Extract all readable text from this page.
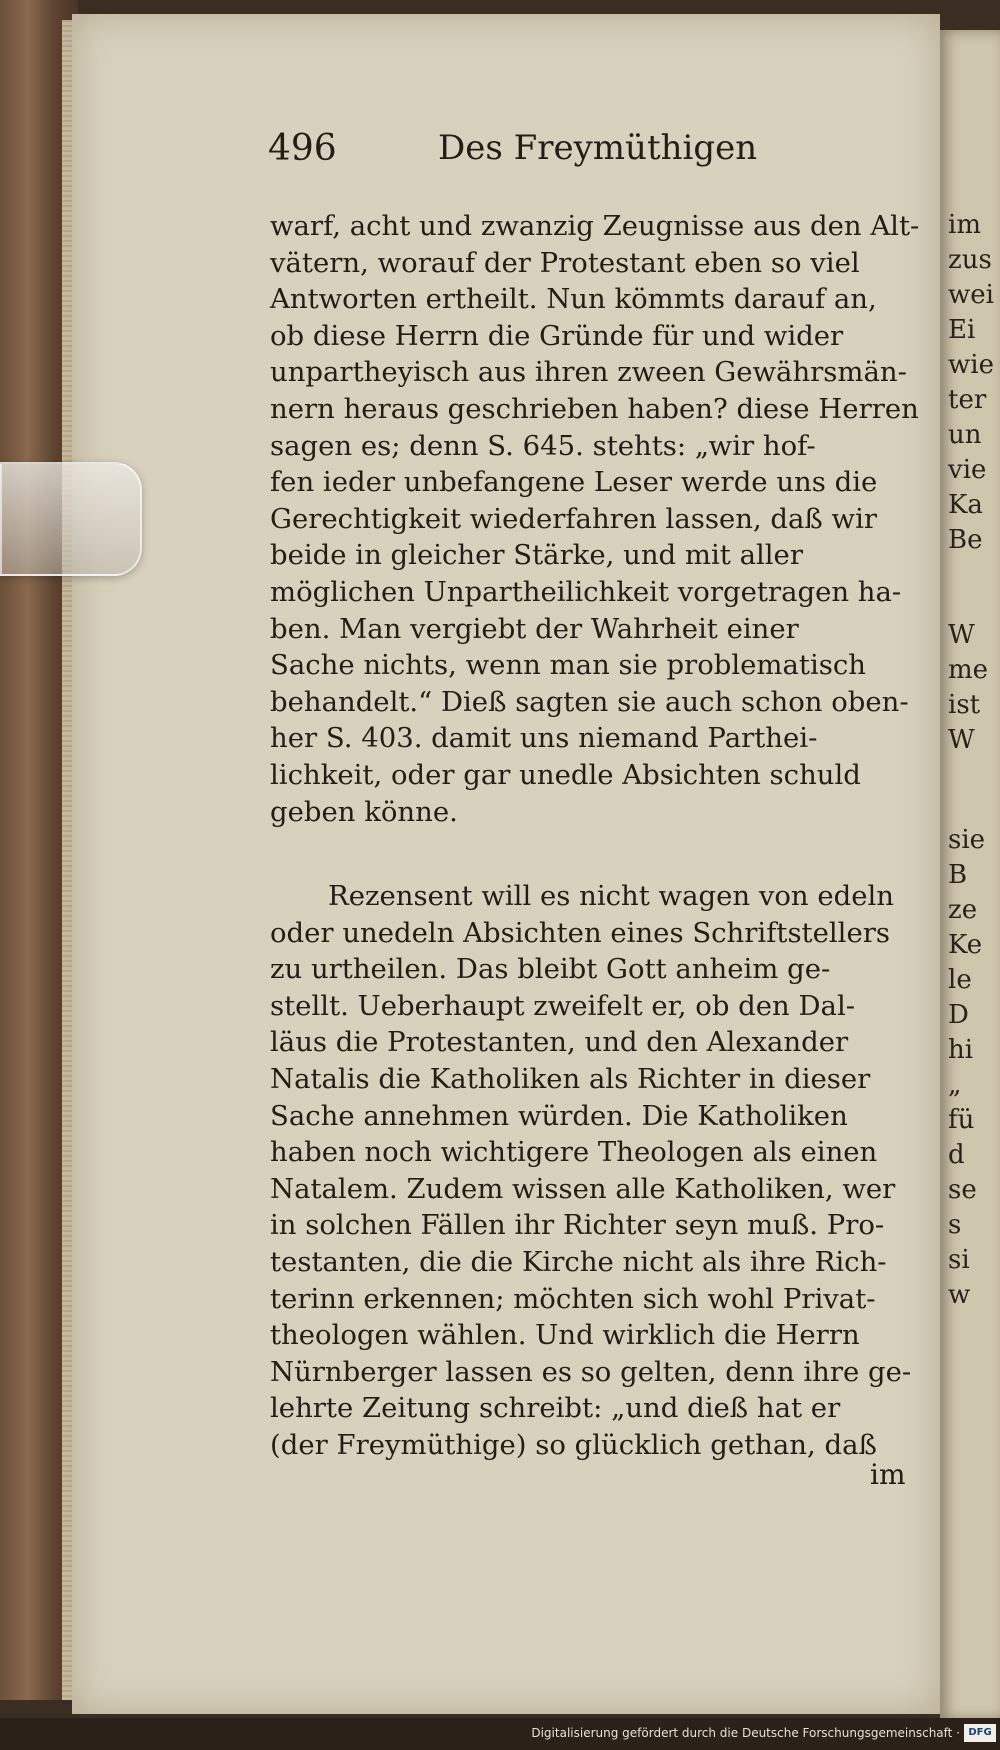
im
zus
wei
Ei
wie
ter
un
vie
Ka
Be
W
me
ist
W
sie
B
ze
Ke
le
D
hi
„
fü
d
se
s
si
w
496	Des Freymüthigen
warf, acht und zwanzig Zeugnisse aus den Alt-
vätern, worauf der Protestant eben so viel
Antworten ertheilt. Nun kömmts darauf an,
ob diese Herrn die Gründe für und wider
unpartheyisch aus ihren zween Gewährsmän-
nern heraus geschrieben haben? diese Herren
sagen es; denn S. 645. stehts: „wir hof-
fen ieder unbefangene Leser werde uns die
Gerechtigkeit wiederfahren lassen, daß wir
beide in gleicher Stärke, und mit aller
möglichen Unpartheilichkeit vorgetragen ha-
ben. Man vergiebt der Wahrheit einer
Sache nichts, wenn man sie problematisch
behandelt.“ Dieß sagten sie auch schon oben-
her S. 403. damit uns niemand Parthei-
lichkeit, oder gar unedle Absichten schuld
geben könne.
Rezensent will es nicht wagen von edeln
oder unedeln Absichten eines Schriftstellers
zu urtheilen. Das bleibt Gott anheim ge-
stellt. Ueberhaupt zweifelt er, ob den Dal-
läus die Protestanten, und den Alexander
Natalis die Katholiken als Richter in dieser
Sache annehmen würden. Die Katholiken
haben noch wichtigere Theologen als einen
Natalem. Zudem wissen alle Katholiken, wer
in solchen Fällen ihr Richter seyn muß. Pro-
testanten, die die Kirche nicht als ihre Rich-
terinn erkennen; möchten sich wohl Privat-
theologen wählen. Und wirklich die Herrn
Nürnberger lassen es so gelten, denn ihre ge-
lehrte Zeitung schreibt: „und dieß hat er
(der Freymüthige) so glücklich gethan, daß
im
Digitalisierung gefördert durch die Deutsche Forschungsgemeinschaft · DFG
